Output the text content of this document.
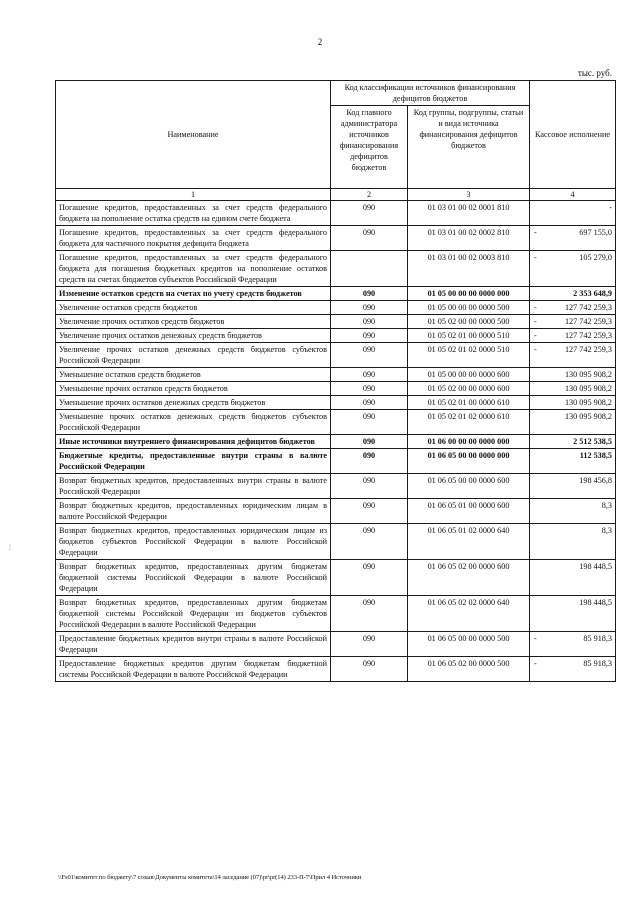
2
тыс. руб.
Наименование	Код классификации источников финансирования дефицитов бюджетов		Кассовое исполнение
	Код главного администратора источников финансирования дефицитов бюджетов	Код группы, подгруппы, статьи и вида источника финансирования дефицитов бюджетов	
1	2	3	4
Погашение кредитов, предоставленных за счет средств федерального бюджета на пополнение остатка средств на едином счете бюджета	090	01 03 01 00 02 0001 810	-
Погашение кредитов, предоставленных за счет средств федерального бюджета для частичного покрытия дефицита бюджета	090	01 03 01 00 02 0002 810	- 697 155,0
Погашение кредитов, предоставленных за счет средств федерального бюджета для погашения бюджетных кредитов на пополнение остатков средств на счетах бюджетов субъектов Российской Федерации		01 03 01 00 02 0003 810	- 105 279,0
Изменение остатков средств на счетах по учету средств бюджетов	090	01 05 00 00 00 0000 000	2 353 648,9
Увеличение остатков средств бюджетов	090	01 05 00 00 00 0000 500	- 127 742 259,3
Увеличение прочих остатков средств бюджетов	090	01 05 02 00 00 0000 500	- 127 742 259,3
Увеличение прочих остатков денежных средств бюджетов	090	01 05 02 01 00 0000 510	- 127 742 259,3
Увеличение прочих остатков денежных средств бюджетов субъектов Российской Федерации	090	01 05 02 01 02 0000 510	- 127 742 259,3
Уменьшение остатков средств бюджетов	090	01 05 00 00 00 0000 600	130 095 908,2
Уменьшение прочих остатков средств бюджетов	090	01 05 02 00 00 0000 600	130 095 908,2
Уменьшение прочих остатков денежных средств бюджетов	090	01 05 02 01 00 0000 610	130 095 908,2
Уменьшение прочих остатков денежных средств бюджетов субъектов Российской Федерации	090	01 05 02 01 02 0000 610	130 095 908,2
Иные источники внутреннего финансирования дефицитов бюджетов	090	01 06 00 00 00 0000 000	2 512 538,5
Бюджетные кредиты, предоставленные внутри страны в валюте Российской Федерации	090	01 06 05 00 00 0000 000	112 538,5
Возврат бюджетных кредитов, предоставленных внутри страны в валюте Российской Федерации	090	01 06 05 00 00 0000 600	198 456,8
Возврат бюджетных кредитов, предоставленных юридическим лицам в валюте Российской Федерации	090	01 06 05 01 00 0000 600	8,3
Возврат бюджетных кредитов, предоставленных юридическим лицам из бюджетов субъектов Российской Федерации в валюте Российской Федерации	090	01 06 05 01 02 0000 640	8,3
Возврат бюджетных кредитов, предоставленных другим бюджетам бюджетной системы Российской Федерации в валюте Российской Федерации	090	01 06 05 02 00 0000 600	198 448,5
Возврат бюджетных кредитов, предоставленных другим бюджетам бюджетной системы Российской Федерации из бюджетов субъектов Российской Федерации в валюте Российской Федерации	090	01 06 05 02 02 0000 640	198 448,5
Предоставление бюджетных кредитов внутри страны в валюте Российской Федерации	090	01 06 05 00 00 0000 500	- 85 918,3
Предоставление бюджетных кредитов другим бюджетам бюджетной системы Российской Федерации в валюте Российской Федерации	090	01 06 05 02 00 0000 500	- 85 918,3
\\Fs01\комитет по бюджету\7 созыв\Документы комитета\14 заседание (07)\pr\pr(14) 233-П-7\Прил 4 Источники
⋮
